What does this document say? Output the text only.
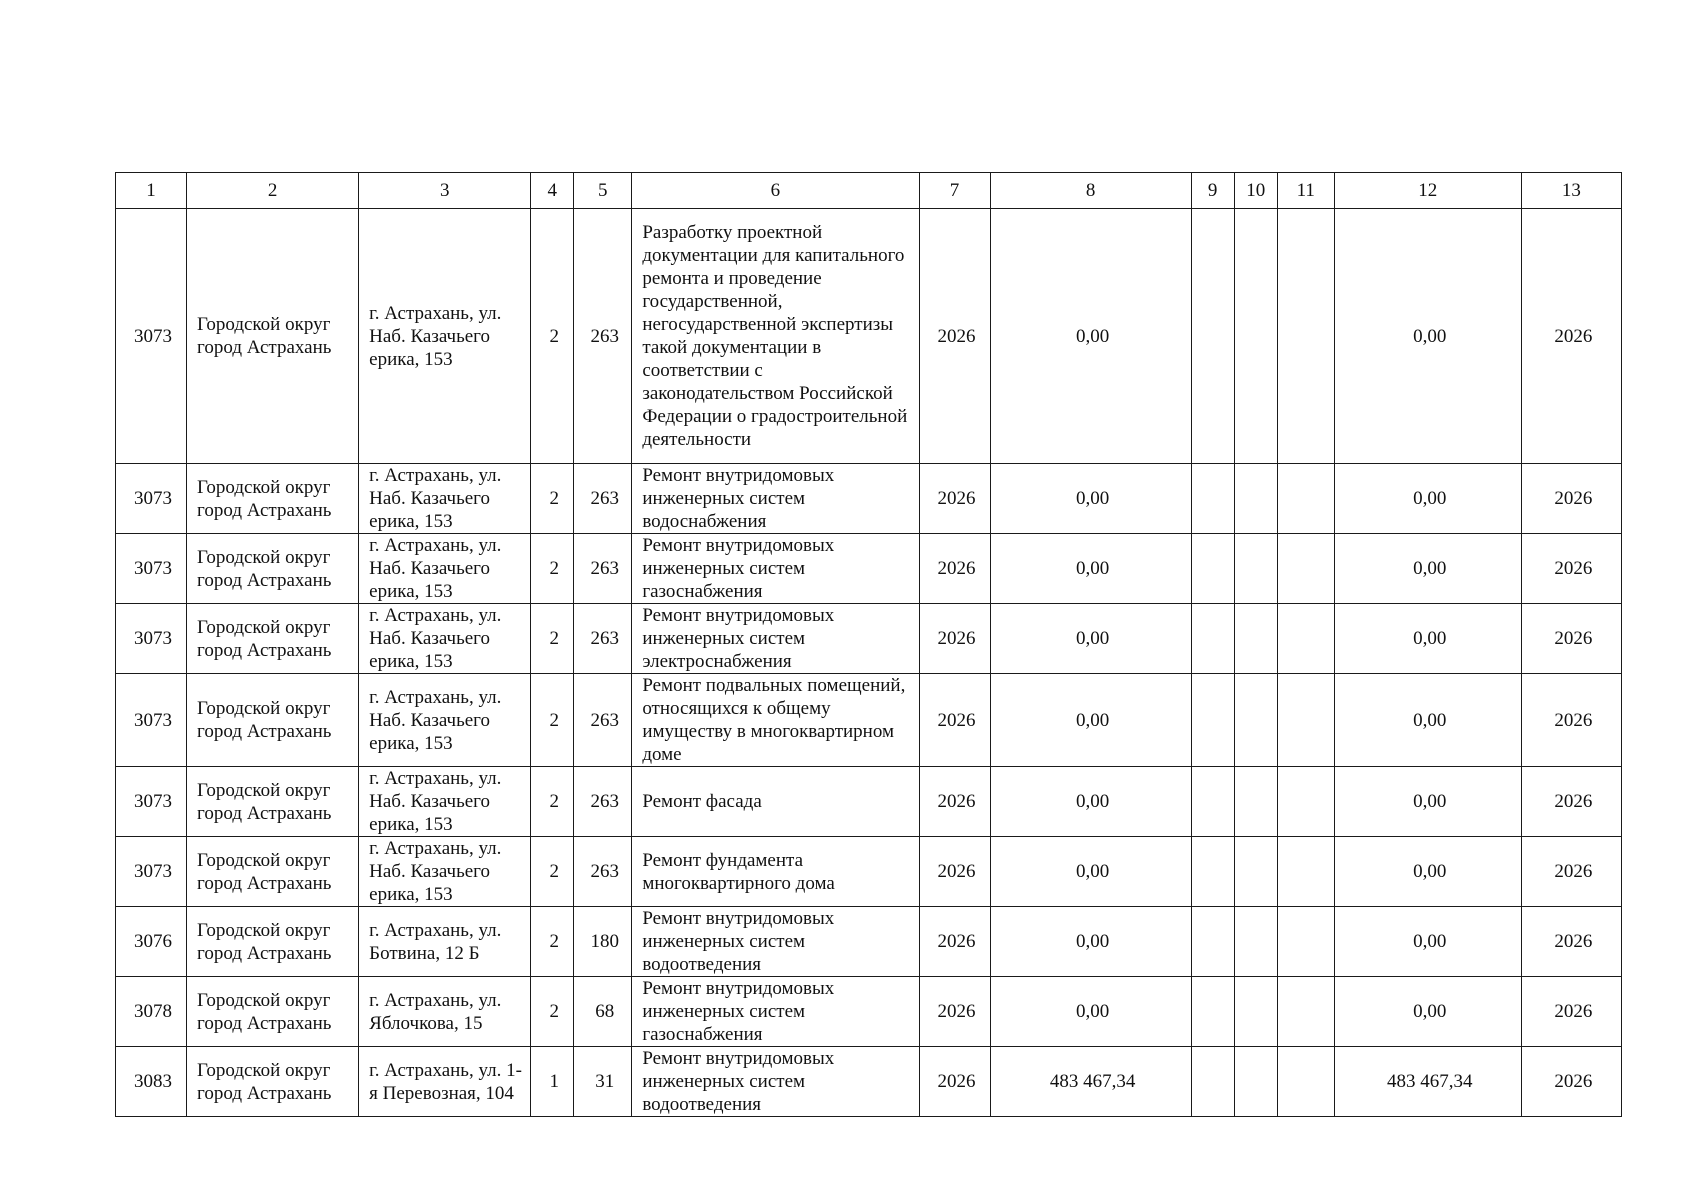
1	2	3	4	5	6	7	8	9	10	11	12	13
3073	Городской округ город Астрахань	г. Астрахань, ул. Наб. Казачьего ерика, 153	2	263	Разработку проектной документации для капитального ремонта и проведение государственной, негосударственной экспертизы такой документации в соответствии с законодательством Российской Федерации о градостроительной деятельности	2026	0,00				0,00	2026
3073	Городской округ город Астрахань	г. Астрахань, ул. Наб. Казачьего ерика, 153	2	263	Ремонт внутридомовых инженерных систем водоснабжения	2026	0,00				0,00	2026
3073	Городской округ город Астрахань	г. Астрахань, ул. Наб. Казачьего ерика, 153	2	263	Ремонт внутридомовых инженерных систем газоснабжения	2026	0,00				0,00	2026
3073	Городской округ город Астрахань	г. Астрахань, ул. Наб. Казачьего ерика, 153	2	263	Ремонт внутридомовых инженерных систем электроснабжения	2026	0,00				0,00	2026
3073	Городской округ город Астрахань	г. Астрахань, ул. Наб. Казачьего ерика, 153	2	263	Ремонт подвальных помещений, относящихся к общему имуществу в многоквартирном доме	2026	0,00				0,00	2026
3073	Городской округ город Астрахань	г. Астрахань, ул. Наб. Казачьего ерика, 153	2	263	Ремонт фасада	2026	0,00				0,00	2026
3073	Городской округ город Астрахань	г. Астрахань, ул. Наб. Казачьего ерика, 153	2	263	Ремонт фундамента многоквартирного дома	2026	0,00				0,00	2026
3076	Городской округ город Астрахань	г. Астрахань, ул. Ботвина, 12 Б	2	180	Ремонт внутридомовых инженерных систем водоотведения	2026	0,00				0,00	2026
3078	Городской округ город Астрахань	г. Астрахань, ул. Яблочкова, 15	2	68	Ремонт внутридомовых инженерных систем газоснабжения	2026	0,00				0,00	2026
3083	Городской округ город Астрахань	г. Астрахань, ул. 1-я Перевозная, 104	1	31	Ремонт внутридомовых инженерных систем водоотведения	2026	483 467,34				483 467,34	2026
